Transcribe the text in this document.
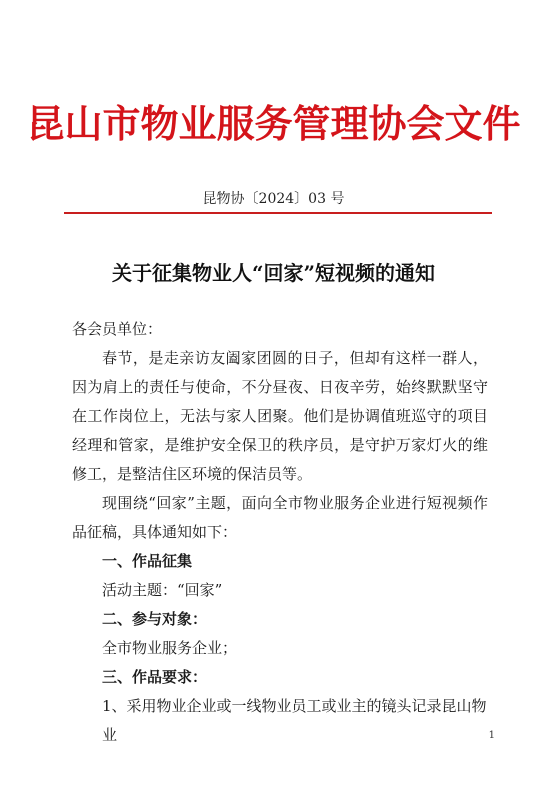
昆山市物业服务管理协会文件
昆物协〔2024〕03 号
关于征集物业人“回家”短视频的通知

各会员单位：

春节，是走亲访友阖家团圆的日子，但却有这样一群人，因为肩上的责任与使命，不分昼夜、日夜辛劳，始终默默坚守在工作岗位上，无法与家人团聚。他们是协调值班巡守的项目经理和管家，是维护安全保卫的秩序员，是守护万家灯火的维修工，是整洁住区环境的保洁员等。

现围绕“回家”主题，面向全市物业服务企业进行短视频作品征稿，具体通知如下：

一、作品征集

活动主题：“回家”

二、参与对象：

全市物业服务企业；

三、作品要求：

1、采用物业企业或一线物业员工或业主的镜头记录昆山物业	1
